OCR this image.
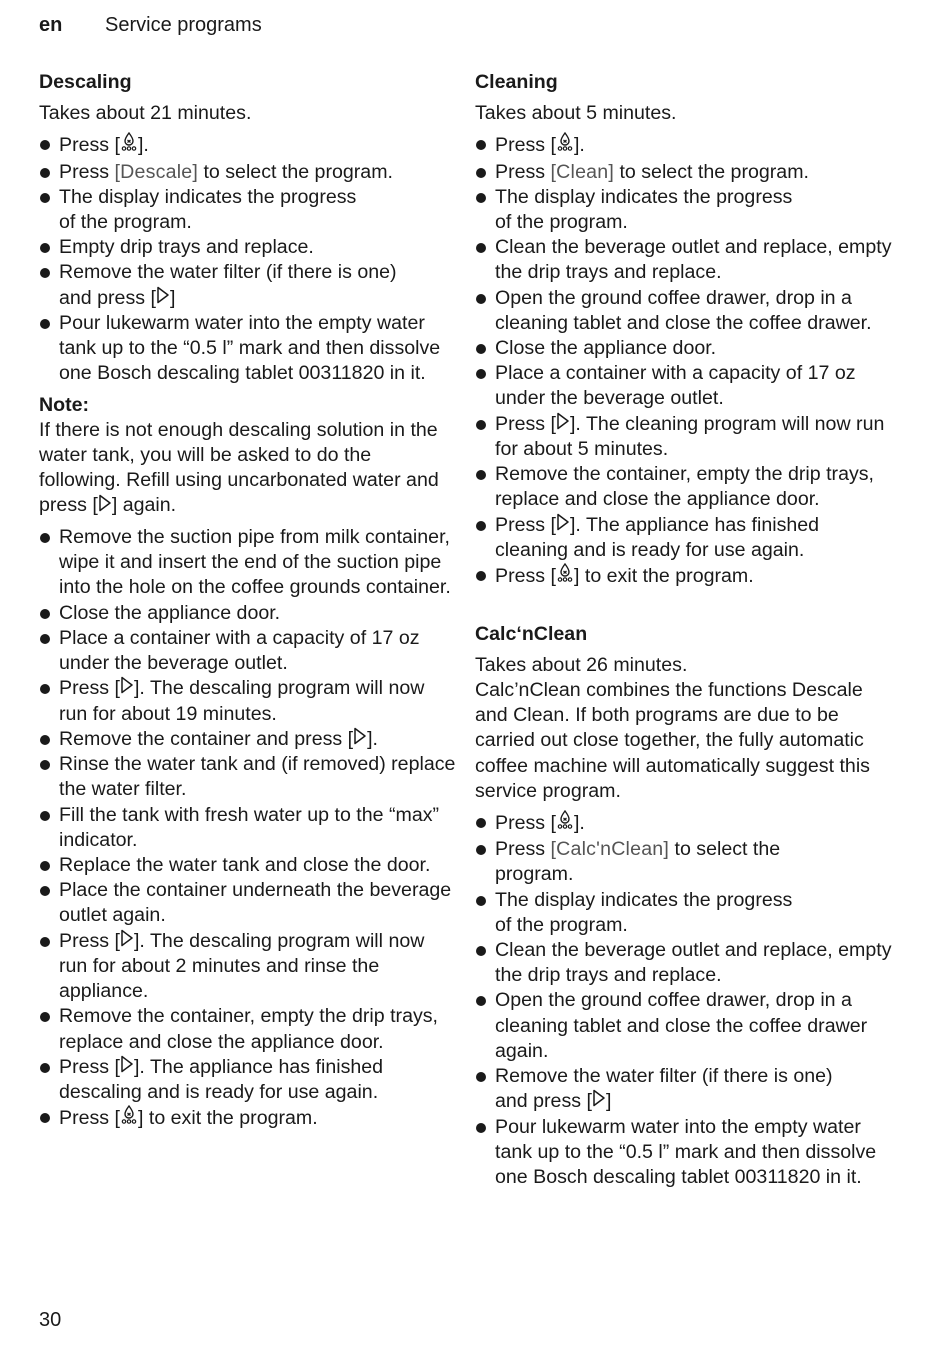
en Service programs
Descaling

Takes about 21 minutes.

Press [ ].
Press [Descale] to select the program.
The display indicates the progress
of the program.
Empty drip trays and replace.
Remove the water filter (if there is one)
and press [ ]
Pour lukewarm water into the empty water tank up to the “0.5 l” mark and then dissolve one Bosch descaling tablet 00311820 in it.

Note:

If there is not enough descaling solution in the water tank, you will be asked to do the following. Refill using uncarbonated water and press [ ] again.

Remove the suction pipe from milk container, wipe it and insert the end of the suction pipe into the hole on the coffee grounds container.
Close the appliance door.
Place a container with a capacity of 17 oz under the beverage outlet.
Press [ ]. The descaling program will now run for about 19 minutes.
Remove the container and press [ ].
Rinse the water tank and (if removed) replace the water filter.
Fill the tank with fresh water up to the “max” indicator.
Replace the water tank and close the door.
Place the container underneath the beverage outlet again.
Press [ ]. The descaling program will now run for about 2 minutes and rinse the appliance.
Remove the container, empty the drip trays, replace and close the appliance door.
Press [ ]. The appliance has finished descaling and is ready for use again.
Press [ ] to exit the program.
Cleaning

Takes about 5 minutes.

Press [ ].
Press [Clean] to select the program.
The display indicates the progress
of the program.
Clean the beverage outlet and replace, empty the drip trays and replace.
Open the ground coffee drawer, drop in a cleaning tablet and close the coffee drawer.
Close the appliance door.
Place a container with a capacity of 17 oz under the beverage outlet.
Press [ ]. The cleaning program will now run for about 5 minutes.
Remove the container, empty the drip trays, replace and close the appliance door.
Press [ ]. The appliance has finished cleaning and is ready for use again.
Press [ ] to exit the program.
Calc‘nClean

Takes about 26 minutes.

Calc’nClean combines the functions Descale and Clean. If both programs are due to be carried out close together, the fully automatic coffee machine will automatically suggest this service program.

Press [ ].
Press [Calc'nClean] to select the
program.
The display indicates the progress
of the program.
Clean the beverage outlet and replace, empty the drip trays and replace.
Open the ground coffee drawer, drop in a cleaning tablet and close the coffee drawer again.
Remove the water filter (if there is one)
and press [ ]
Pour lukewarm water into the empty water tank up to the “0.5 l” mark and then dissolve one Bosch descaling tablet 00311820 in it.
30
